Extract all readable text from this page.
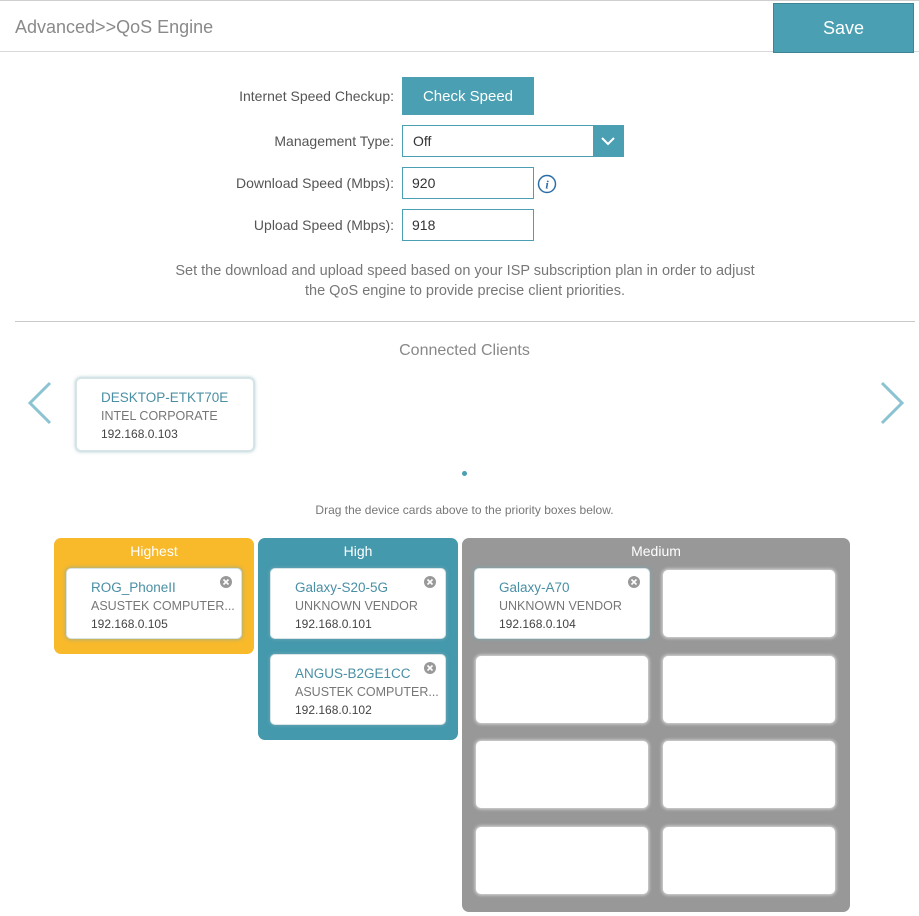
Advanced>>QoS Engine	Save
Internet Speed Checkup:	Check Speed
Management Type: Off
Download Speed (Mbps):	920	i
Upload Speed (Mbps):	918
Set the download and upload speed based on your ISP subscription plan in order to adjust
the QoS engine to provide precise client priorities.
Connected Clients
DESKTOP-ETKT70E
INTEL CORPORATE
192.168.0.103
Drag the device cards above to the priority boxes below.
Highest
ROG_PhoneII
ASUSTEK COMPUTER...
192.168.0.105
High
Galaxy-S20-5G
UNKNOWN VENDOR
192.168.0.101
ANGUS-B2GE1CC
ASUSTEK COMPUTER...
192.168.0.102
Medium
Galaxy-A70
UNKNOWN VENDOR
192.168.0.104
